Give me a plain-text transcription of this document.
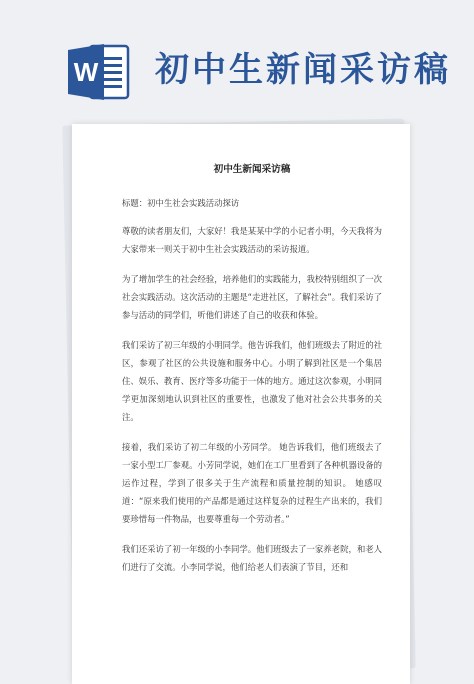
W 初中生新闻采访稿
初中生新闻采访稿

标题：初中生社会实践活动探访

尊敬的读者朋友们，大家好！我是某某中学的小记者小明，今天我将为大家带来一则关于初中生社会实践活动的采访报道。

为了增加学生的社会经验，培养他们的实践能力，我校特别组织了一次社会实践活动。这次活动的主题是“走进社区，了解社会”。我们采访了参与活动的同学们，听他们讲述了自己的收获和体验。

我们采访了初三年级的小明同学。他告诉我们，他们班级去了附近的社区，参观了社区的公共设施和服务中心。小明了解到社区是一个集居住、娱乐、教育、医疗等多功能于一体的地方。通过这次参观，小明同学更加深刻地认识到社区的重要性，也激发了他对社会公共事务的关注。

接着，我们采访了初二年级的小芳同学。 她告诉我们，他们班级去了一家小型工厂参观。小芳同学说，她们在工厂里看到了各种机器设备的运作过程，学到了很多关于生产流程和质量控制的知识。 她感叹道：“原来我们使用的产品都是通过这样复杂的过程生产出来的，我们要珍惜每一件物品，也要尊重每一个劳动者。”

我们还采访了初一年级的小李同学。他们班级去了一家养老院，和老人们进行了交流。小李同学说，他们给老人们表演了节目，还和
